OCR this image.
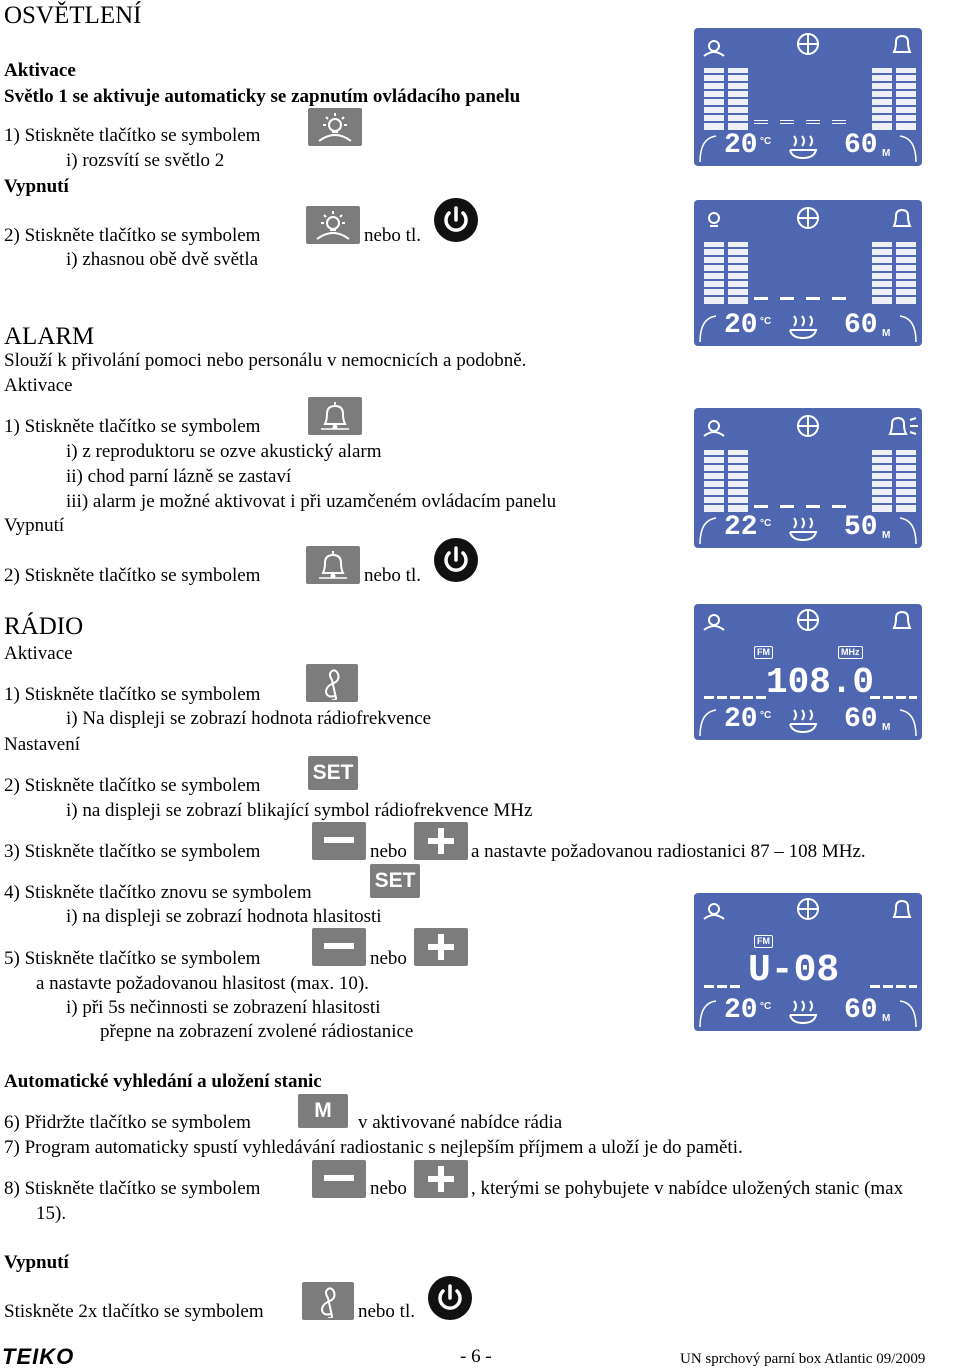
OSVĚTLENÍ
Aktivace
Světlo 1 se aktivuje automaticky se zapnutím ovládacího panelu
1) Stiskněte tlačítko se symbolem
i) rozsvítí se světlo 2
Vypnutí
2) Stiskněte tlačítko se symbolem	nebo tl.
i) zhasnou obě dvě světla
ALARM
Slouží k přivolání pomoci nebo personálu v nemocnicích a podobně.
Aktivace
1) Stiskněte tlačítko se symbolem
i) z reproduktoru se ozve akustický alarm
ii) chod parní lázně se zastaví
iii) alarm je možné aktivovat i při uzamčeném ovládacím panelu
Vypnutí
2) Stiskněte tlačítko se symbolem	nebo tl.
RÁDIO
Aktivace
1) Stiskněte tlačítko se symbolem
i) Na displeji se zobrazí hodnota rádiofrekvence
Nastavení
2) Stiskněte tlačítko se symbolem
SET
i) na displeji se zobrazí blikající symbol rádiofrekvence MHz
3) Stiskněte tlačítko se symbolem	nebo	a nastavte požadovanou radiostanici 87 – 108 MHz.
4) Stiskněte tlačítko znovu se symbolem
SET
i) na displeji se zobrazí hodnota hlasitosti
5) Stiskněte tlačítko se symbolem	nebo
a nastavte požadovanou hlasitost (max. 10).
i) při 5s nečinnosti se zobrazení hlasitosti
přepne na zobrazení zvolené rádiostanice
Automatické vyhledání a uložení stanic
6) Přidržte tlačítko se symbolem
M
v aktivované nabídce rádia
7) Program automaticky spustí vyhledávání radiostanic s nejlepším příjmem a uloží je do paměti.
8) Stiskněte tlačítko se symbolem	nebo	, kterými se pohybujete v nabídce uložených stanic (max
15).
Vypnutí
Stiskněte 2x tlačítko se symbolem	nebo tl.
20 °C	60 M
20 °C	60 M
22 °C	50 M
FM	MHz
108.0
20 °C	60 M
FM
U-08
20 °C	60 M
TEIKO	- 6 -	UN sprchový parní box Atlantic 09/2009
